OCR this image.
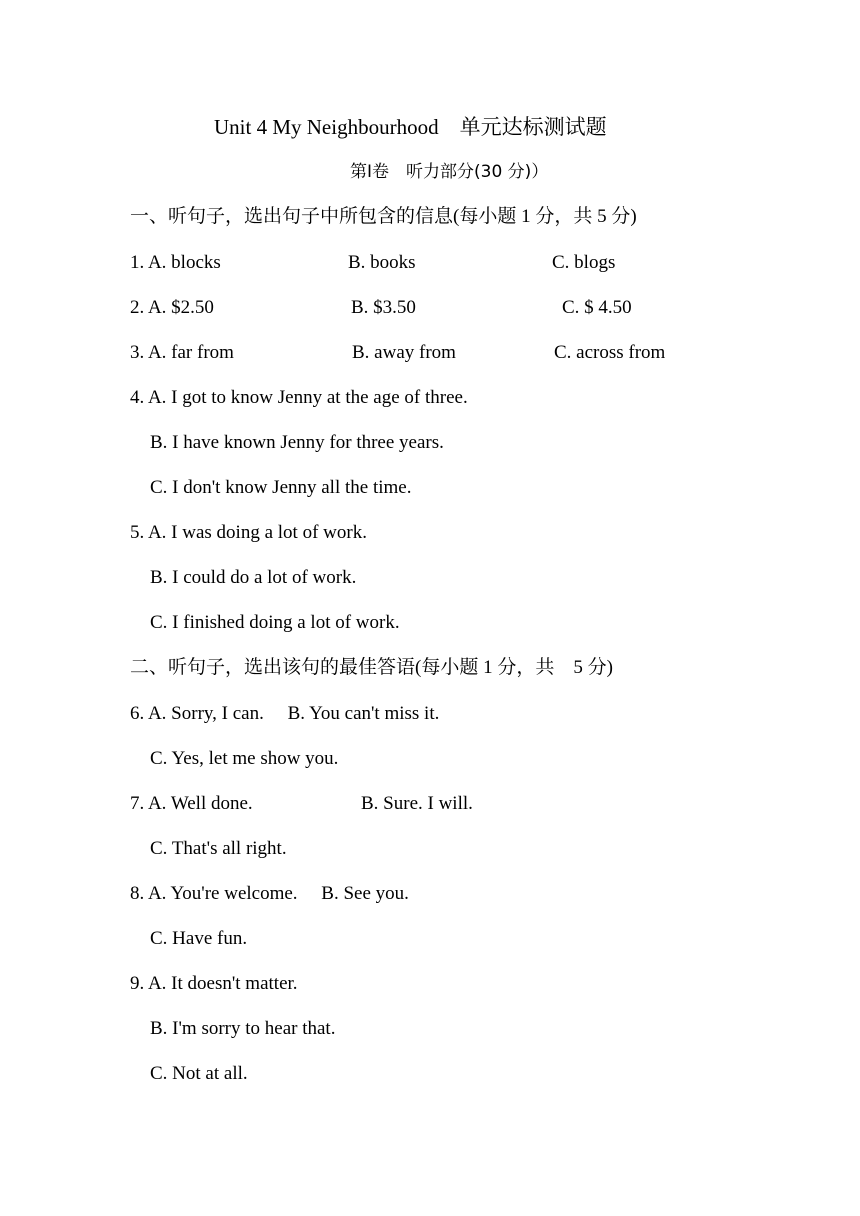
Unit 4 My Neighbourhood　单元达标测试题
第Ⅰ卷　听力部分(30 分)）
一、听句子，选出句子中所包含的信息(每小题 1 分，共 5 分)
1. A. blocks	B. books	C. blogs
2. A. $2.50	B. $3.50	C. $ 4.50
3. A. far from	B. away from	C. across from
4. A. I got to know Jenny at the age of three.
B. I have known Jenny for three years.
C. I don't know Jenny all the time.
5. A. I was doing a lot of work.
B. I could do a lot of work.
C. I finished doing a lot of work.
二、听句子，选出该句的最佳答语(每小题 1 分，共　5 分)
6. A. Sorry, I can.　 B. You can't miss it.
C. Yes, let me show you.
7. A. Well done.	B. Sure. I will.
C. That's all right.
8. A. You're welcome.　 B. See you.
C. Have fun.
9. A. It doesn't matter.
B. I'm sorry to hear that.
C. Not at all.
